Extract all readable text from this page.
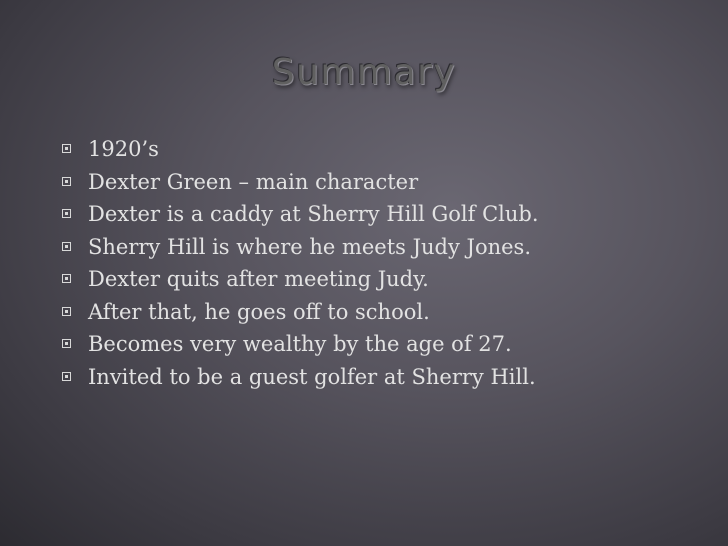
Summary
1920’s
Dexter Green – main character
Dexter is a caddy at Sherry Hill Golf Club.
Sherry Hill is where he meets Judy Jones.
Dexter quits after meeting Judy.
After that, he goes off to school.
Becomes very wealthy by the age of 27.
Invited to be a guest golfer at Sherry Hill.
